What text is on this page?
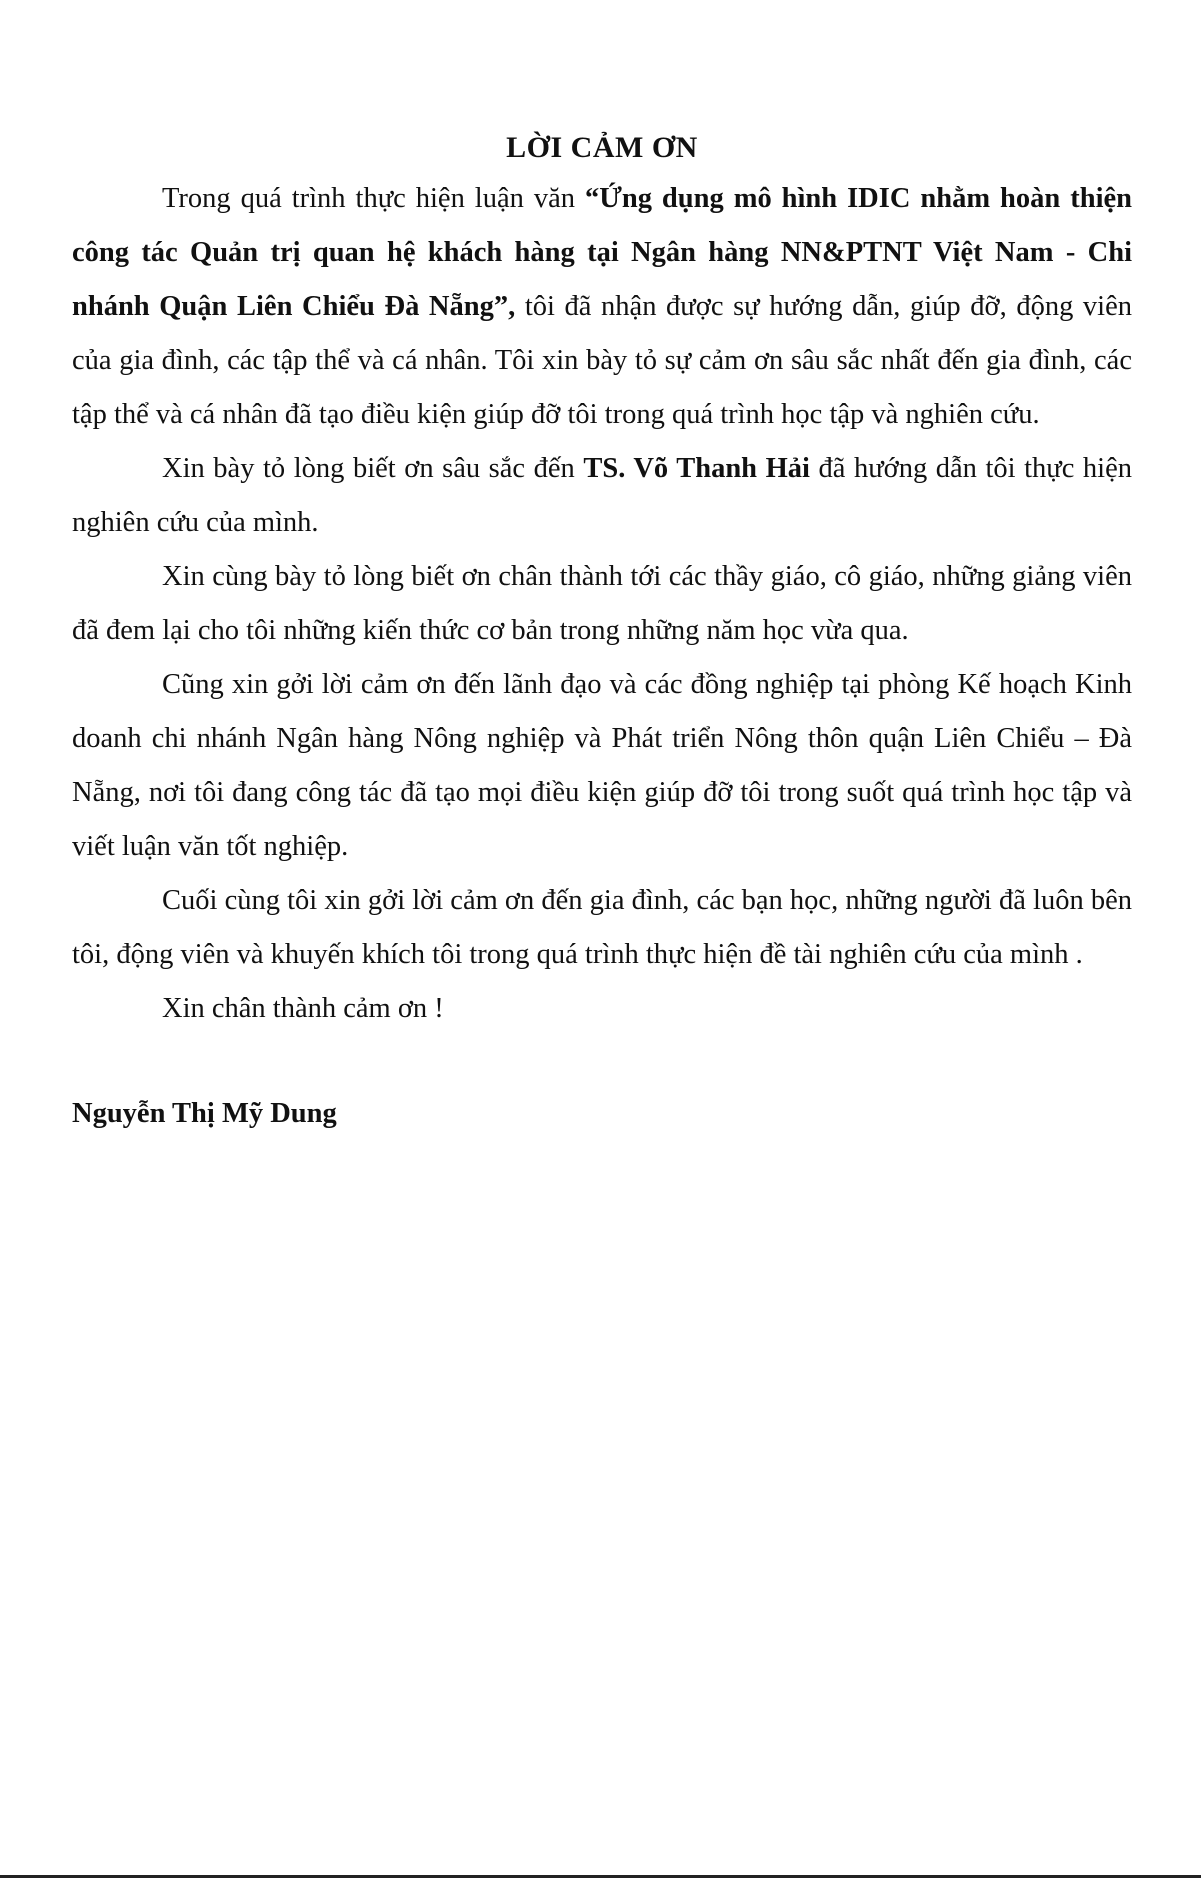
LỜI CẢM ƠN

Trong quá trình thực hiện luận văn “Ứng dụng mô hình IDIC nhằm hoàn thiện công tác Quản trị quan hệ khách hàng tại Ngân hàng NN&PTNT Việt Nam - Chi nhánh Quận Liên Chiểu Đà Nẵng”, tôi đã nhận được sự hướng dẫn, giúp đỡ, động viên của gia đình, các tập thể và cá nhân. Tôi xin bày tỏ sự cảm ơn sâu sắc nhất đến gia đình, các tập thể và cá nhân đã tạo điều kiện giúp đỡ tôi trong quá trình học tập và nghiên cứu.

Xin bày tỏ lòng biết ơn sâu sắc đến TS. Võ Thanh Hải đã hướng dẫn tôi thực hiện nghiên cứu của mình.

Xin cùng bày tỏ lòng biết ơn chân thành tới các thầy giáo, cô giáo, những giảng viên đã đem lại cho tôi những kiến thức cơ bản trong những năm học vừa qua.

Cũng xin gởi lời cảm ơn đến lãnh đạo và các đồng nghiệp tại phòng Kế hoạch Kinh doanh chi nhánh Ngân hàng Nông nghiệp và Phát triển Nông thôn quận Liên Chiểu – Đà Nẵng, nơi tôi đang công tác đã tạo mọi điều kiện giúp đỡ tôi trong suốt quá trình học tập và viết luận văn tốt nghiệp.

Cuối cùng tôi xin gởi lời cảm ơn đến gia đình, các bạn học, những người đã luôn bên tôi, động viên và khuyến khích tôi trong quá trình thực hiện đề tài nghiên cứu của mình .

Xin chân thành cảm ơn !

Nguyễn Thị Mỹ Dung
